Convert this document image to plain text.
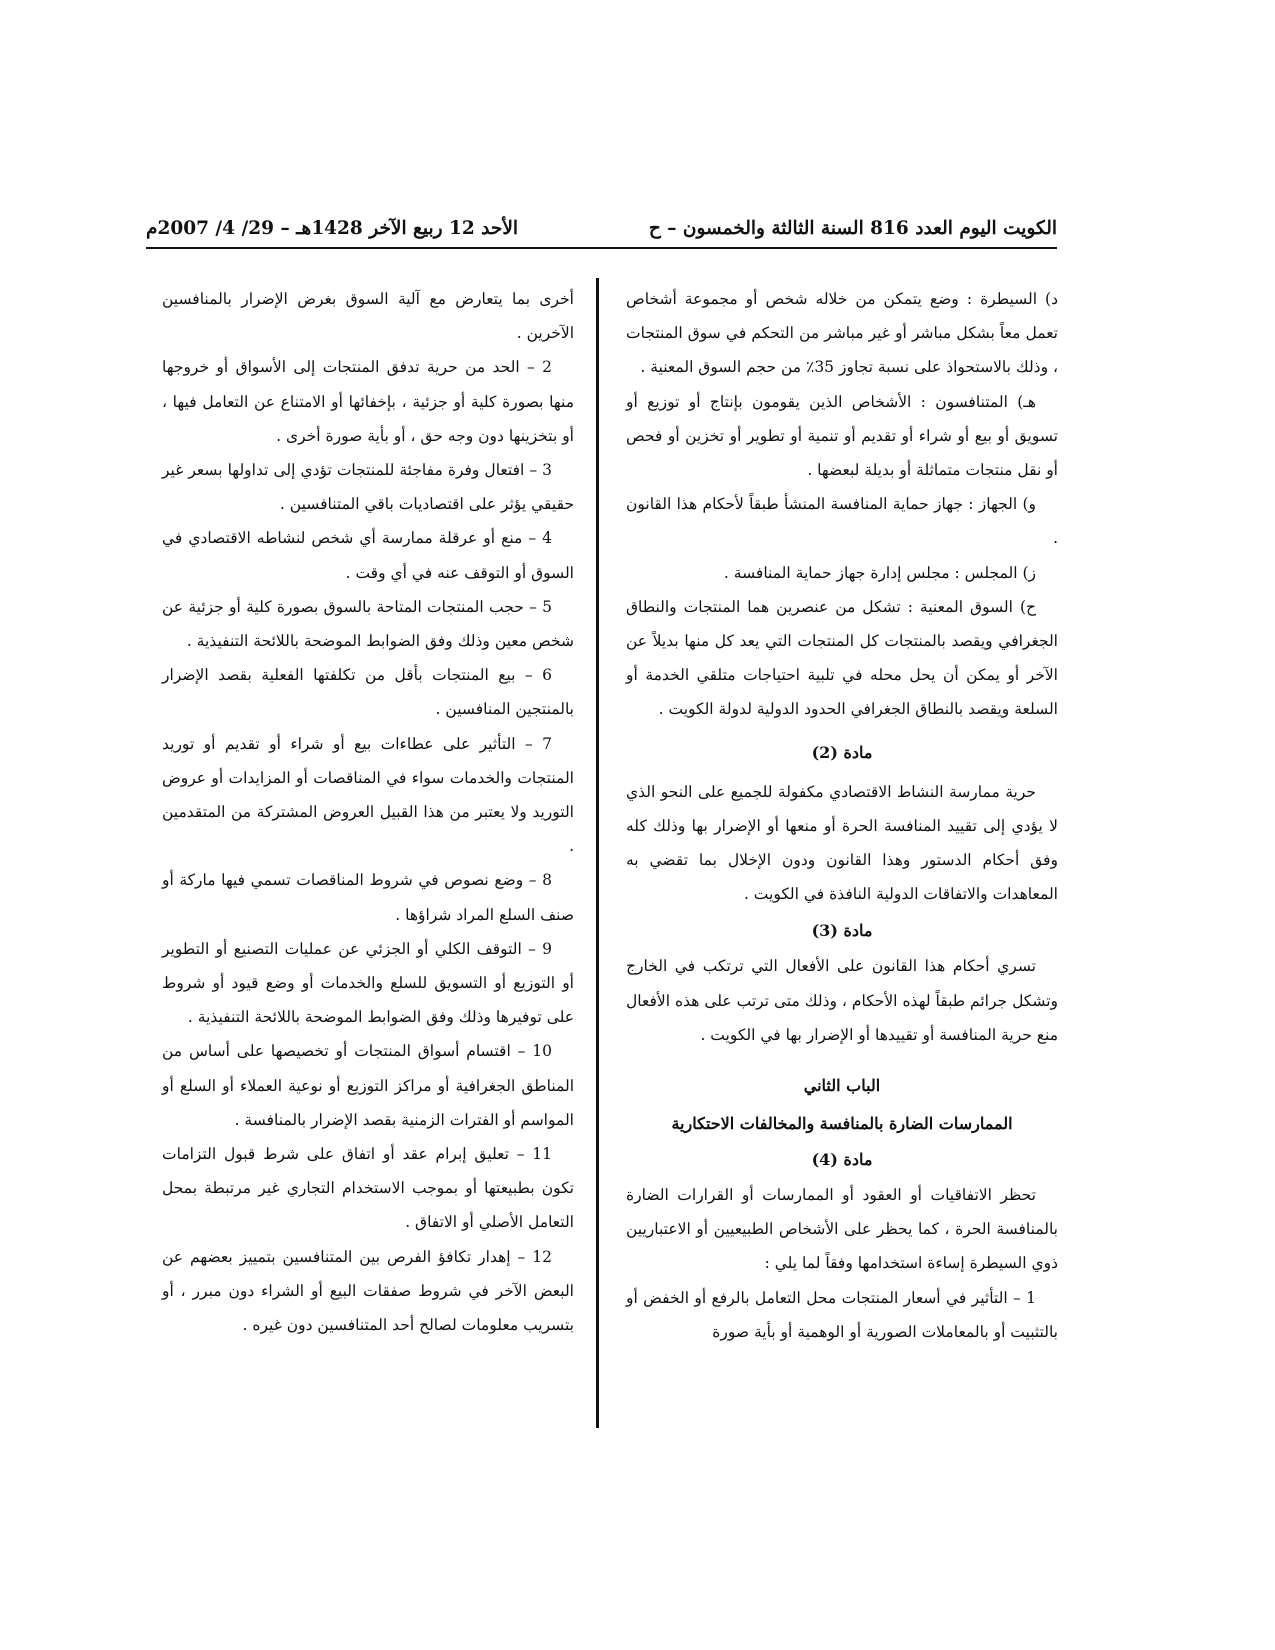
الكويت اليوم العدد 816 السنة الثالثة والخمسون – ح
الأحد 12 ربيع الآخر 1428هـ – 29/ 4/ 2007م

د) السيطرة : وضع يتمكن من خلاله شخص أو مجموعة أشخاص تعمل معاً بشكل مباشر أو غير مباشر من التحكم في سوق المنتجات ، وذلك بالاستحواذ على نسبة تجاوز 35٪ من حجم السوق المعنية .

هـ) المتنافسون : الأشخاص الذين يقومون بإنتاج أو توزيع أو تسويق أو بيع أو شراء أو تقديم أو تنمية أو تطوير أو تخزين أو فحص أو نقل منتجات متماثلة أو بديلة لبعضها .

و) الجهاز : جهاز حماية المنافسة المنشأ طبقاً لأحكام هذا القانون .

ز) المجلس : مجلس إدارة جهاز حماية المنافسة .

ح) السوق المعنية : تشكل من عنصرين هما المنتجات والنطاق الجغرافي ويقصد بالمنتجات كل المنتجات التي يعد كل منها بديلاً عن الآخر أو يمكن أن يحل محله في تلبية احتياجات متلقي الخدمة أو السلعة ويقصد بالنطاق الجغرافي الحدود الدولية لدولة الكويت .

مادة (2)

حرية ممارسة النشاط الاقتصادي مكفولة للجميع على النحو الذي لا يؤدي إلى تقييد المنافسة الحرة أو منعها أو الإضرار بها وذلك كله وفق أحكام الدستور وهذا القانون ودون الإخلال بما تقضي به المعاهدات والاتفاقات الدولية النافذة في الكويت .

مادة (3)

تسري أحكام هذا القانون على الأفعال التي ترتكب في الخارج وتشكل جرائم طبقاً لهذه الأحكام ، وذلك متى ترتب على هذه الأفعال منع حرية المنافسة أو تقييدها أو الإضرار بها في الكويت .

الباب الثاني
الممارسات الضارة بالمنافسة والمخالفات الاحتكارية
مادة (4)

تحظر الاتفاقيات أو العقود أو الممارسات أو القرارات الضارة بالمنافسة الحرة ، كما يحظر على الأشخاص الطبيعيين أو الاعتباريين ذوي السيطرة إساءة استخدامها وفقاً لما يلي :

1 – التأثير في أسعار المنتجات محل التعامل بالرفع أو الخفض أو بالتثبيت أو بالمعاملات الصورية أو الوهمية أو بأية صورة

أخرى بما يتعارض مع آلية السوق بغرض الإضرار بالمنافسين الآخرين .

2 – الحد من حرية تدفق المنتجات إلى الأسواق أو خروجها منها بصورة كلية أو جزئية ، بإخفائها أو الامتناع عن التعامل فيها ، أو بتخزينها دون وجه حق ، أو بأية صورة أخرى .

3 – افتعال وفرة مفاجئة للمنتجات تؤدي إلى تداولها بسعر غير حقيقي يؤثر على اقتصاديات باقي المتنافسين .

4 – منع أو عرقلة ممارسة أي شخص لنشاطه الاقتصادي في السوق أو التوقف عنه في أي وقت .

5 – حجب المنتجات المتاحة بالسوق بصورة كلية أو جزئية عن شخص معين وذلك وفق الضوابط الموضحة باللائحة التنفيذية .

6 – بيع المنتجات بأقل من تكلفتها الفعلية بقصد الإضرار بالمنتجين المنافسين .

7 – التأثير على عطاءات بيع أو شراء أو تقديم أو توريد المنتجات والخدمات سواء في المناقصات أو المزايدات أو عروض التوريد ولا يعتبر من هذا القبيل العروض المشتركة من المتقدمين .

8 – وضع نصوص في شروط المناقصات تسمي فيها ماركة أو صنف السلع المراد شراؤها .

9 – التوقف الكلي أو الجزئي عن عمليات التصنيع أو التطوير أو التوزيع أو التسويق للسلع والخدمات أو وضع قيود أو شروط على توفيرها وذلك وفق الضوابط الموضحة باللائحة التنفيذية .

10 – اقتسام أسواق المنتجات أو تخصيصها على أساس من المناطق الجغرافية أو مراكز التوزيع أو نوعية العملاء أو السلع أو المواسم أو الفترات الزمنية بقصد الإضرار بالمنافسة .

11 – تعليق إبرام عقد أو اتفاق على شرط قبول التزامات تكون بطبيعتها أو بموجب الاستخدام التجاري غير مرتبطة بمحل التعامل الأصلي أو الاتفاق .

12 – إهدار تكافؤ الفرص بين المتنافسين بتمييز بعضهم عن البعض الآخر في شروط صفقات البيع أو الشراء دون مبرر ، أو بتسريب معلومات لصالح أحد المتنافسين دون غيره .
